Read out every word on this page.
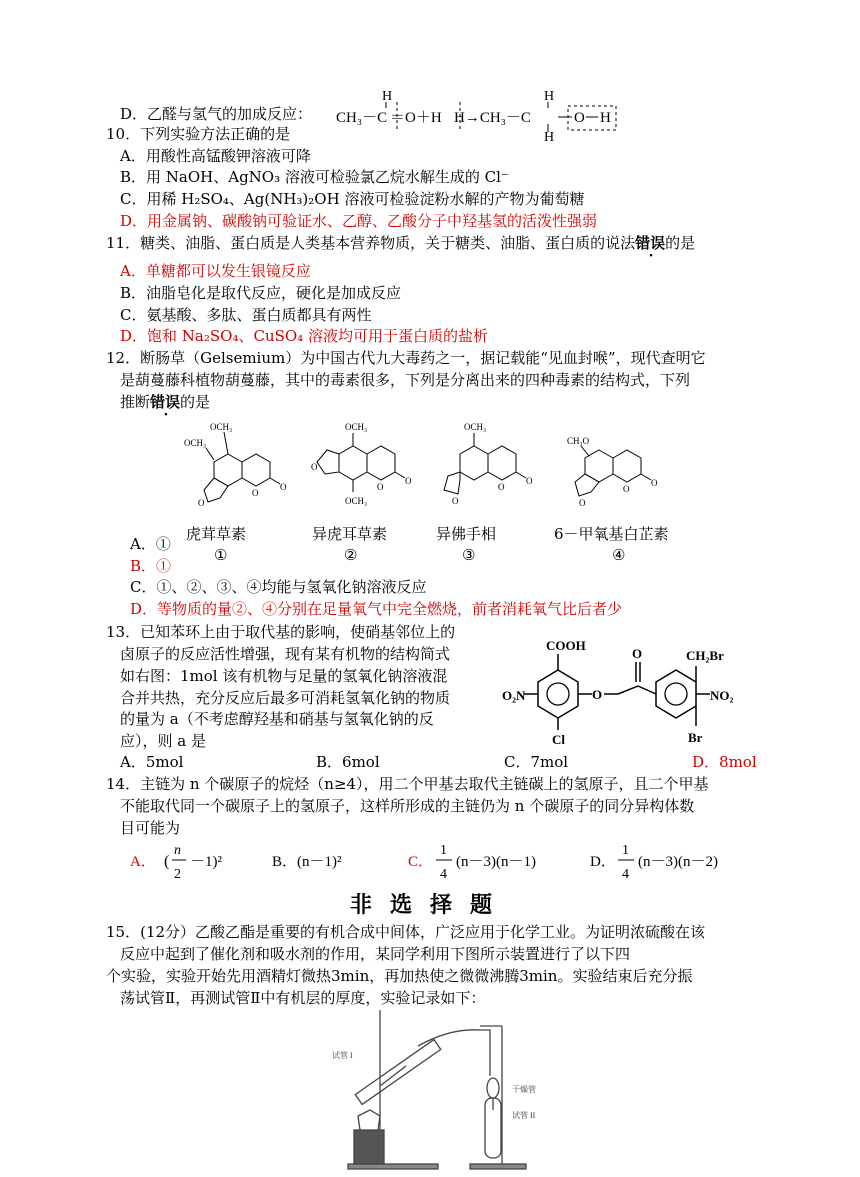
D．乙醛与氢气的加成反应：
H	H
CH₃－C ＝O＋H H→CH₃－C	O H
H
10．下列实验方法正确的是
A．用酸性高锰酸钾溶液可降
B．用 NaOH、AgNO₃ 溶液可检验氯乙烷水解生成的 Cl⁻
C．用稀 H₂SO₄、Ag(NH₃)₂OH 溶液可检验淀粉水解的产物为葡萄糖
D．用金属钠、碳酸钠可验证水、乙醇、乙酸分子中羟基氢的活泼性强弱
11．糖类、油脂、蛋白质是人类基本营养物质，关于糖类、油脂、蛋白质的说法错误的是
A．单糖都可以发生银镜反应
B．油脂皂化是取代反应，硬化是加成反应
C．氨基酸、多肽、蛋白质都具有两性
D．饱和 Na₂SO₄、CuSO₄ 溶液均可用于蛋白质的盐析
12．断肠草（Gelsemium）为中国古代九大毒药之一，据记载能“见血封喉”，现代查明它
是葫蔓藤科植物葫蔓藤，其中的毒素很多，下列是分离出来的四种毒素的结构式，下列
推断错误的是
OCH₃
OCH₃
O
O
O
OCH₃
O
O
O
OCH₃
OCH₃
O
O
O
CH₃O
O
O
O
虎茸草素	异虎耳草素	异佛手相	6－甲氧基白芷素
①	②	③	④
A．①
B．①
C．①、②、③、④均能与氢氧化钠溶液反应
D．等物质的量②、④分别在足量氧气中完全燃烧，前者消耗氧气比后者少
13．已知苯环上由于取代基的影响，使硝基邻位上的
卤原子的反应活性增强，现有某有机物的结构简式
如右图：1mol 该有机物与足量的氢氧化钠溶液混
合并共热，充分反应后最多可消耗氢氧化钠的物质
的量为 a（不考虑醇羟基和硝基与氢氧化钠的反
应），则 a 是
COOH
O₂N
Cl
O
O	CH₂Br
NO₂
Br
A．5mol	B．6mol	C．7mol	D．8mol
14．主链为 n 个碳原子的烷烃（n≥4），用二个甲基去取代主链碳上的氢原子，且二个甲基
不能取代同一个碳原子上的氢原子，这样所形成的主链仍为 n 个碳原子的同分异构体数
目可能为
A． (
n
2
－1)²	B．(n－1)²	C．
1
4
(n－3)(n－1)	D．
1
4
(n－3)(n－2)
非选择题
15．(12分）乙酸乙酯是重要的有机合成中间体，广泛应用于化学工业。为证明浓硫酸在该
反应中起到了催化剂和吸水剂的作用，某同学利用下图所示装置进行了以下四
个实验，实验开始先用酒精灯微热3min，再加热使之微微沸腾3min。实验结束后充分振
荡试管Ⅱ，再测试管Ⅱ中有机层的厚度，实验记录如下：
试管 I
干燥管
试管 II
